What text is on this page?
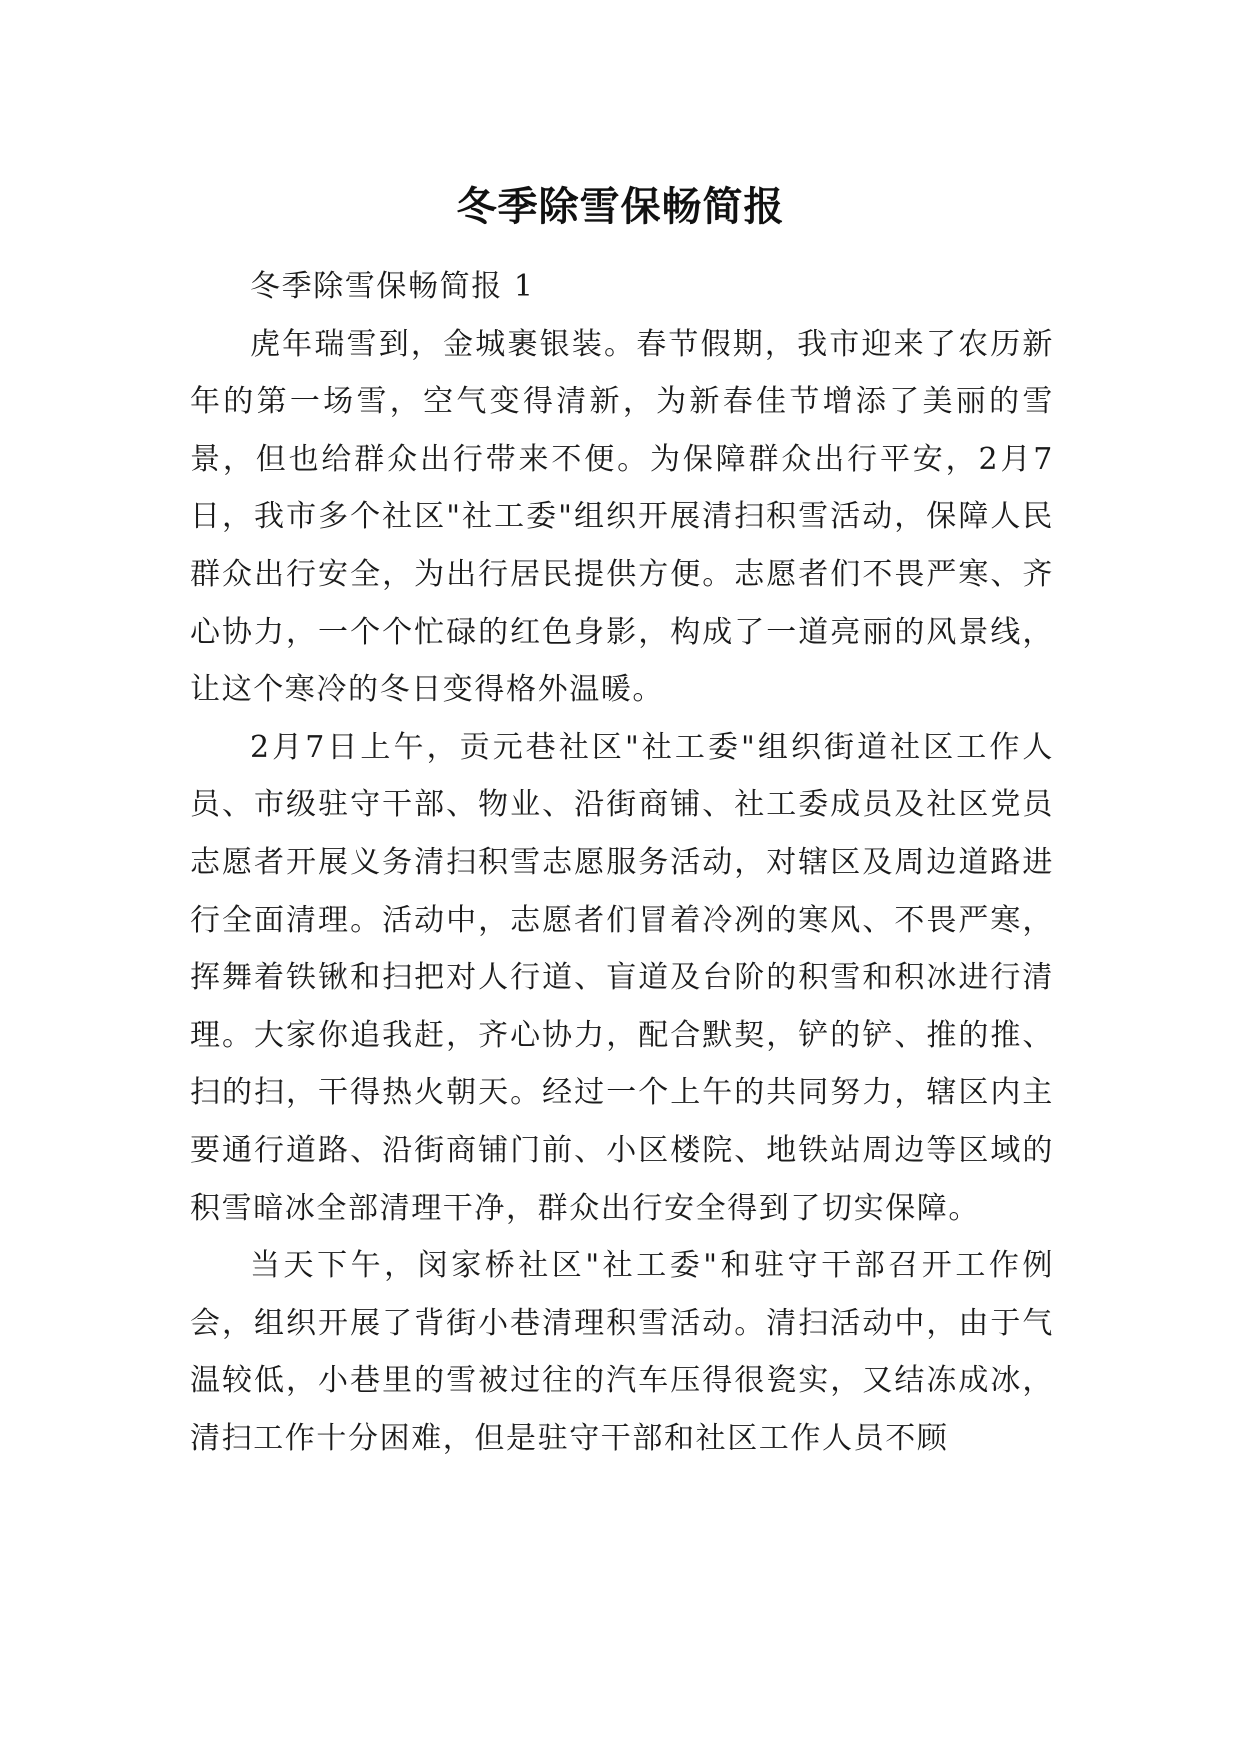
冬季除雪保畅简报

冬季除雪保畅简报 1

虎年瑞雪到，金城裹银装。春节假期，我市迎来了农历新年的第一场雪，空气变得清新，为新春佳节增添了美丽的雪景，但也给群众出行带来不便。为保障群众出行平安，2月7日，我市多个社区"社工委"组织开展清扫积雪活动，保障人民群众出行安全，为出行居民提供方便。志愿者们不畏严寒、齐心协力，一个个忙碌的红色身影，构成了一道亮丽的风景线，让这个寒冷的冬日变得格外温暖。

2月7日上午，贡元巷社区"社工委"组织街道社区工作人员、市级驻守干部、物业、沿街商铺、社工委成员及社区党员志愿者开展义务清扫积雪志愿服务活动，对辖区及周边道路进行全面清理。活动中，志愿者们冒着冷冽的寒风、不畏严寒，挥舞着铁锹和扫把对人行道、盲道及台阶的积雪和积冰进行清理。大家你追我赶，齐心协力，配合默契，铲的铲、推的推、扫的扫，干得热火朝天。经过一个上午的共同努力，辖区内主要通行道路、沿街商铺门前、小区楼院、地铁站周边等区域的积雪暗冰全部清理干净，群众出行安全得到了切实保障。

当天下午，闵家桥社区"社工委"和驻守干部召开工作例会，组织开展了背街小巷清理积雪活动。清扫活动中，由于气温较低，小巷里的雪被过往的汽车压得很瓷实，又结冻成冰，清扫工作十分困难，但是驻守干部和社区工作人员不顾
